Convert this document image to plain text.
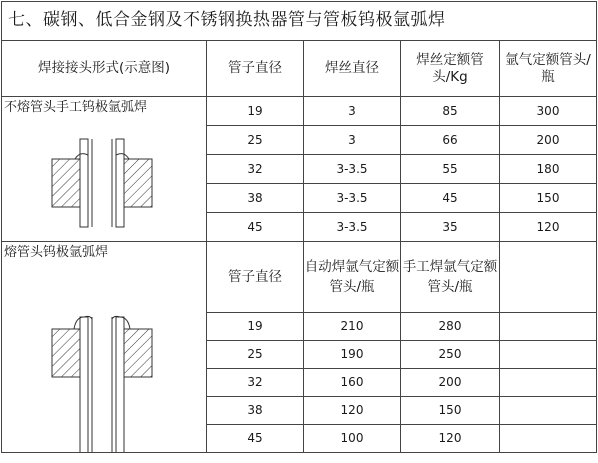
七、碳钢、低合金钢及不锈钢换热器管与管板钨极氩弧焊				
焊接接头形式(示意图)	管子直径	焊丝直径	焊丝定额管头/Kg	氩气定额管头/瓶

不熔管头手工钨极氩弧焊	19	3	85	300
	25	3	66	200
	32	3-3.5	55	180
	38	3-3.5	45	150
	45	3-3.5	35	120

熔管头钨极氩弧焊	管子直径	自动焊氩气定额管头/瓶	手工焊氩气定额管头/瓶	
	19	210	280	
	25	190	250	
	32	160	200	
	38	120	150	
	45	100	120	
